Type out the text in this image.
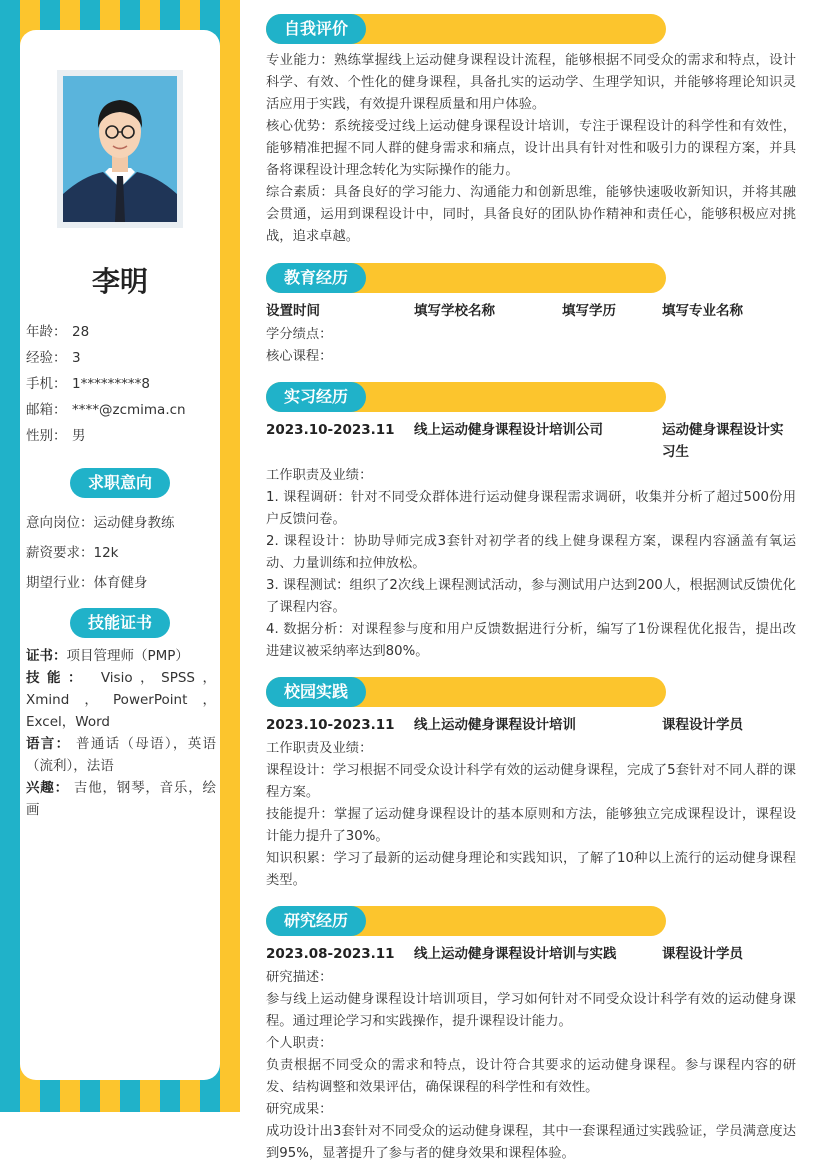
李明
年龄： 28
经验： 3
手机： 1*********8
邮箱： ****@zcmima.cn
性别： 男
求职意向
意向岗位：运动健身教练
薪资要求：12k
期望行业：体育健身
技能证书
证书：项目管理师（PMP）
技能： Visio，SPSS，Xmind，PowerPoint，Excel，Word
语言： 普通话（母语），英语（流利），法语
兴趣： 吉他，钢琴，音乐，绘画
自我评价
专业能力：熟练掌握线上运动健身课程设计流程，能够根据不同受众的需求和特点，设计科学、有效、个性化的健身课程，具备扎实的运动学、生理学知识，并能够将理论知识灵活应用于实践，有效提升课程质量和用户体验。
核心优势：系统接受过线上运动健身课程设计培训，专注于课程设计的科学性和有效性，能够精准把握不同人群的健身需求和痛点，设计出具有针对性和吸引力的课程方案，并具备将课程设计理念转化为实际操作的能力。
综合素质：具备良好的学习能力、沟通能力和创新思维，能够快速吸收新知识，并将其融会贯通，运用到课程设计中，同时，具备良好的团队协作精神和责任心，能够积极应对挑战，追求卓越。
教育经历
设置时间	填写学校名称	填写学历	填写专业名称
学分绩点：
核心课程：
实习经历
2023.10-2023.11	线上运动健身课程设计培训公司	运动健身课程设计实习生
工作职责及业绩：
1. 课程调研：针对不同受众群体进行运动健身课程需求调研，收集并分析了超过500份用户反馈问卷。
2. 课程设计：协助导师完成3套针对初学者的线上健身课程方案，课程内容涵盖有氧运动、力量训练和拉伸放松。
3. 课程测试：组织了2次线上课程测试活动，参与测试用户达到200人，根据测试反馈优化了课程内容。
4. 数据分析：对课程参与度和用户反馈数据进行分析，编写了1份课程优化报告，提出改进建议被采纳率达到80%。
校园实践
2023.10-2023.11	线上运动健身课程设计培训	课程设计学员
工作职责及业绩：
课程设计：学习根据不同受众设计科学有效的运动健身课程，完成了5套针对不同人群的课程方案。
技能提升：掌握了运动健身课程设计的基本原则和方法，能够独立完成课程设计，课程设计能力提升了30%。
知识积累：学习了最新的运动健身理论和实践知识，了解了10种以上流行的运动健身课程类型。
研究经历
2023.08-2023.11	线上运动健身课程设计培训与实践	课程设计学员
研究描述：
参与线上运动健身课程设计培训项目，学习如何针对不同受众设计科学有效的运动健身课程。通过理论学习和实践操作，提升课程设计能力。
个人职责：
负责根据不同受众的需求和特点，设计符合其要求的运动健身课程。参与课程内容的研发、结构调整和效果评估，确保课程的科学性和有效性。
研究成果：
成功设计出3套针对不同受众的运动健身课程，其中一套课程通过实践验证，学员满意度达到95%，显著提升了参与者的健身效果和课程体验。
